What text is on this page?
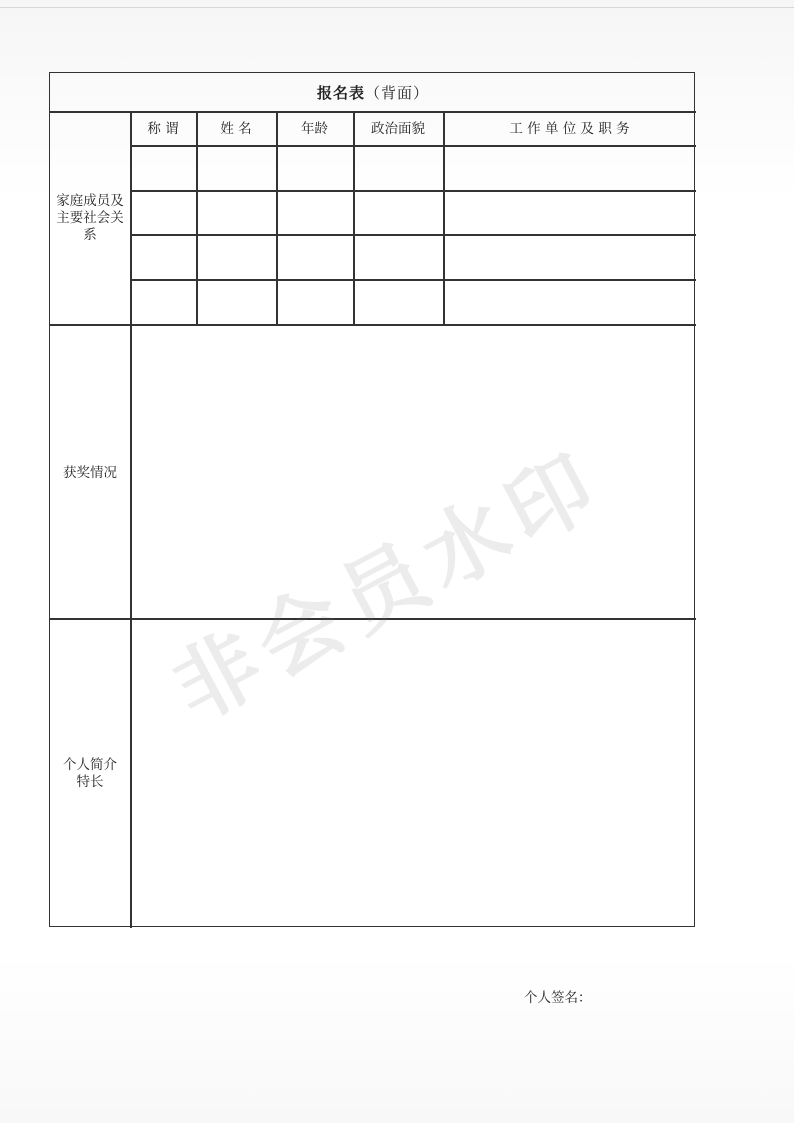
报名表（背面）
家庭成员及主要社会关系
称 谓	姓 名	年龄	政治面貌	工 作 单 位 及 职 务
获奖情况
个人简介特长
个人签名：
